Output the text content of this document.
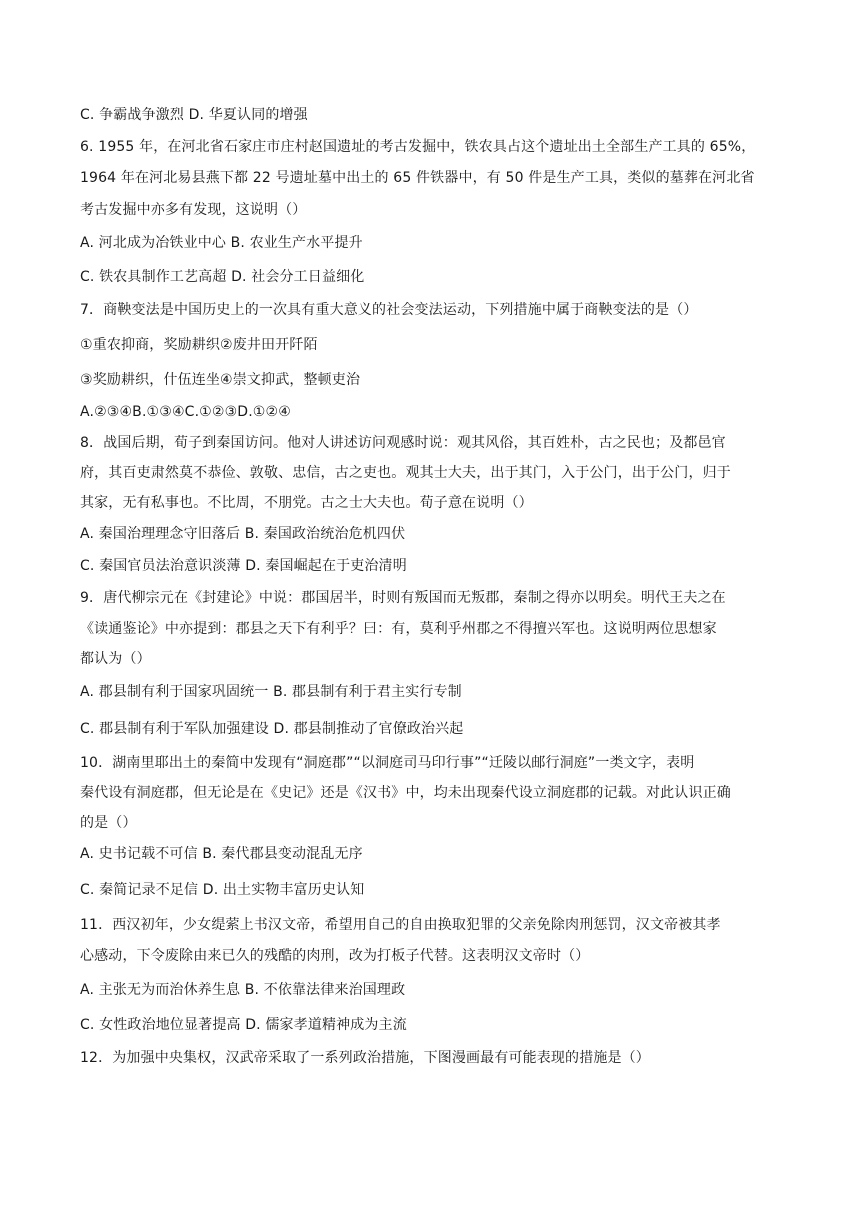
C. 争霸战争激烈 D. 华夏认同的增强
6. 1955 年，在河北省石家庄市庄村赵国遗址的考古发掘中，铁农具占这个遗址出土全部生产工具的 65%，
1964 年在河北易县燕下都 22 号遗址墓中出土的 65 件铁器中，有 50 件是生产工具，类似的墓葬在河北省
考古发掘中亦多有发现，这说明（）
A. 河北成为冶铁业中心 B. 农业生产水平提升
C. 铁农具制作工艺高超 D. 社会分工日益细化
7．商鞅变法是中国历史上的一次具有重大意义的社会变法运动，下列措施中属于商鞅变法的是（）
①重农抑商，奖励耕织②废井田开阡陌
③奖励耕织，什伍连坐④崇文抑武，整顿吏治
A.②③④B.①③④C.①②③D.①②④
8．战国后期，荀子到秦国访问。他对人讲述访问观感时说：观其风俗，其百姓朴，古之民也；及都邑官
府，其百吏肃然莫不恭俭、敦敬、忠信，古之吏也。观其士大夫，出于其门，入于公门，出于公门，归于
其家，无有私事也。不比周，不朋党。古之士大夫也。荀子意在说明（）
A. 秦国治理理念守旧落后 B. 秦国政治统治危机四伏
C. 秦国官员法治意识淡薄 D. 秦国崛起在于吏治清明
9．唐代柳宗元在《封建论》中说：郡国居半，时则有叛国而无叛郡，秦制之得亦以明矣。明代王夫之在
《读通鉴论》中亦提到：郡县之天下有利乎？曰：有，莫利乎州郡之不得擅兴军也。这说明两位思想家
都认为（）
A. 郡县制有利于国家巩固统一 B. 郡县制有利于君主实行专制
C. 郡县制有利于军队加强建设 D. 郡县制推动了官僚政治兴起
10．湖南里耶出土的秦简中发现有“洞庭郡”“以洞庭司马印行事”“迁陵以邮行洞庭”一类文字，表明
秦代设有洞庭郡，但无论是在《史记》还是《汉书》中，均未出现秦代设立洞庭郡的记载。对此认识正确
的是（）
A. 史书记载不可信 B. 秦代郡县变动混乱无序
C. 秦简记录不足信 D. 出土实物丰富历史认知
11．西汉初年，少女缇萦上书汉文帝，希望用自己的自由换取犯罪的父亲免除肉刑惩罚，汉文帝被其孝
心感动，下令废除由来已久的残酷的肉刑，改为打板子代替。这表明汉文帝时（）
A. 主张无为而治休养生息 B. 不依靠法律来治国理政
C. 女性政治地位显著提高 D. 儒家孝道精神成为主流
12．为加强中央集权，汉武帝采取了一系列政治措施，下图漫画最有可能表现的措施是（）
